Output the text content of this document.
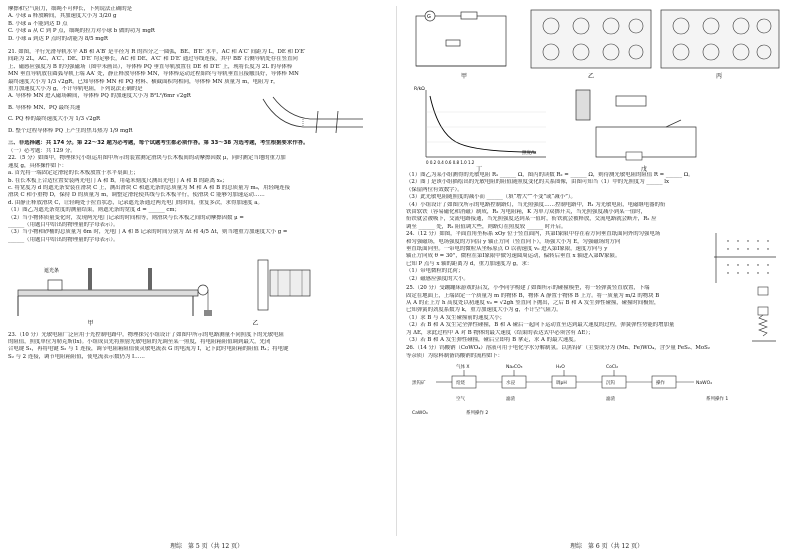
摩擦和空气阻力，细绳不可伸长，下列说法正确的是
A. 小球 a 释放瞬间，其加速度大小为 3/20 g
B. 小球 a 不能到达 D 点
C. 小球 a 从 C 到 P 点，细绳的拉力对小球 b 做的功为 mgR
D. 小球 a 到达 P 点时的动能为 8/5 mgR
21. 如图，平行光滑导轨水平 AB 和 A′B′ 是半径为 R 的四分之一圆弧，BE、B′E′ 水平，AC 和 A′C′ 间距为 L，DE 和 D′E′
间距为 2L，AC、A′C′、DE、D′E′ 均足够长，AC 和 DE、A′C′ 和 D′E′ 通过导线连接，其中 BB′ 右侧导轨处存在竖直向
上、磁感应强度为 B 的匀强磁场（图中未画出），导体棒 PQ 垂直导轨放置在 DE 和 D′E′ 上，现将长度为 2L 的导体棒
MN 垂直导轨放在圆弧导轨上端 AA′ 处，静止释放导体棒 MN，导体棒运动过程始终与导轨垂直且接触良好，导体棒 MN
最终速度大小为 1/3 √2gR。已知导体棒 MN 和 PQ 材料、横截面积均相同，导体棒 MN 质量为 m，电阻为 r，
重力加速度大小为 g，不计导轨电阻，下列说法正确的是
A. 导体棒 MN 进入磁场瞬间，导体棒 PQ 的加速度大小为 B²L²/6mr √2gR
B. 导体棒 MN、PQ 最终共速
C. PQ 棒的最终速度大小为 1/3 √2gR
D. 整个过程导体棒 PQ 上产生的焦耳热为 1/9 mgR
三、非选择题：共 174 分。第 22～32 题为必考题，每个试题考生都必须作答。第 33～38 为选考题，考生根据要求作答。
（一）必考题：共 129 分。
22.（5 分）如图甲，物理探究小组运用图甲所示的装置测定滑块与长木板间的动摩擦因数 μ，同时测定当地的重力加
速度 g，具体操作如下：
a. 首先将一端固定定滑轮的长木板放置于水平桌面上；
b. 在长木板上合适位置安装两光电门 A 和 B，用毫米刻度尺测出光电门 A 和 B 的距离 x₀；
c. 将宽度为 d 的遮光条安装在滑块 C 上，测出滑块 C 和遮光条的总质量为 M 和 A 和 B 的总质量为 m₀，用轻绳连接
滑块 C 和小重物 D，保持 D 的质量为 m，调整定滑轮使其线与长木板平行，使滑块 C 能够匀加速运动……
d. 由静止释放滑块 C，让轻绳处于拉直状态，记录遮光条通过两光电门的时间，重复多次，求得加速度 a。
（1）图乙为遮光条宽度的测量结果，则遮光条的宽度 d = ______ cm；
（2）当小物体质量变化时，发现两光电门记录的时间相等，则滑块与长木板之间的动摩擦因数 μ =
______（用题目中给出的物理量的字母表示）。
（3）当小物和砂桶的总质量为 6m 时，光电门 A 和 B 记录的时间分别为 Δt 和 4/5 Δt，则当地重力加速度大小 g =
______（用题目中给出的物理量的字母表示）。
遮光条
甲	乙
23.（10 分）光敏电阻广泛应用于光控制电路中，物理探究小组设计了如图甲所示的电路测量不同照度下的光敏电阻
的阻值，照度单位为勒克斯(lx)。小组成员先将照射光敏电阻的光调至某一照度，将电阻箱阻值调到最大，先闭
合电键 S₁，再将电键 S₂ 与 1 连接，调节电阻箱阻值使灵敏电流表 G 的电流为 I，记下此时电阻箱的阻值 R₁；将电键
S₂ 与 2 连接，调节电阻箱阻值，使电流表示数仍为 I……
G
甲	乙	丙
R/kΩ
照度/lx
0 0.2 0.4 0.6 0.8 1.0 1.2
丁	戊
（1）图乙为某小组测得的光敏电阻 R₁ ______ Ω，图丙的读数 R₂ = ______ Ω，则待测光敏电阻的阻值 R = ______ Ω。
（2）图丁是该小组描绘出的光敏电阻的阻值随照度变化的关系图像，由图可知当（1）中的光照度为 ______ lx
（保留两位有效数字）。
（3）此光敏电阻随照度的减小而 ______（填“增大”“不变”或“减小”）。
（4）小组设计了如图戊所示的电路控制路灯，当光照强度……控制电路中，R₁ 为光敏电阻，电磁继电器的衔
铁由软铁（容易磁化和消磁）制成，R₂ 为电阻箱，K 为单刀双掷开关，当光照强度减小到某一值时，
衔铁就会被吸下，交流电路接通，当光照强度达到某一值时，衔铁就会被释放，交流电路就会断开，R₂ 应
调至 ______ 处，R₂ 阻值调大些，则路灯在照度较 ______ 时开启。
24.（12 分）如图，平面直角坐标系 xOy 位于竖直面内，其第Ⅰ象限中存在着方向垂直纸面向外的匀强电场
和匀强磁场，电场强度的方向沿 y 轴正方向（竖直向下），场强大小为 E，匀强磁场的方向
垂直纸面向里。一带电的微粒从坐标原点 O 以初速度 v₀ 进入第Ⅰ象限，速度方向与 y
轴正方向成 θ = 30°，微粒在第Ⅰ象限中做匀速圆周运动，偏转后垂直 x 轴进入第Ⅳ象限。
已知 P 点与 x 轴的距离为 d，重力加速度为 g，求：
（1）带电微粒的比荷；
（2）磁感应强度的大小。
25.（20 分）受蹦蹦床游戏的启发，小李同学构建了如图所示的碰撞模型，将一轻弹簧竖直放置，下端
固定在地面上，上端固定一个质量为 m 的物体 B，物体 A 静置于物体 B 上方。将一质量为 m/2 的物块 B
从 A 的正上方 h 高度处以初速度 v₀ = √2gh 竖直向下抛出，之后 B 和 A 发生弹性碰撞，碰撞时间极短，
已知弹簧的劲度系数为 k，重力加速度大小为 g，不计空气阻力。
（1）求 B 与 A 发生碰撞前的速度大小；
（2）若 B 和 A 发生完全弹性碰撞，B 和 A 碰后一起向下运动直至达到最大速度的过程，弹簧弹性势能的增加量
为 ΔE，求此过程中 A 对 B 物体的最大速度（结果的表达式中必须含有 ΔE）；
（3）若 B 和 A 发生弹性碰撞，碰后立即将 B 拿走，求 A 的最大速度。
26.（14 分）钨酸钠（CoWO₄）溶液可用于电化学水分解制氢。以黑钨矿（主要成分为 (Mn、Fe)WO₄，含少量 FeS₂、MoS₂
等杂质）为原料制备钨酸钠的流程如下：
黑钨矿	焙烧	水浸	调pH	沉钨	操作
气体 X	Na₂CO₃
空气	滤渣
H₂O
NaWO₄
CoCl₂
CaWO₄	系列操作 2
系列操作 1
滤渣
理综　第 5 页（共 12 页）	理综　第 6 页（共 12 页）
